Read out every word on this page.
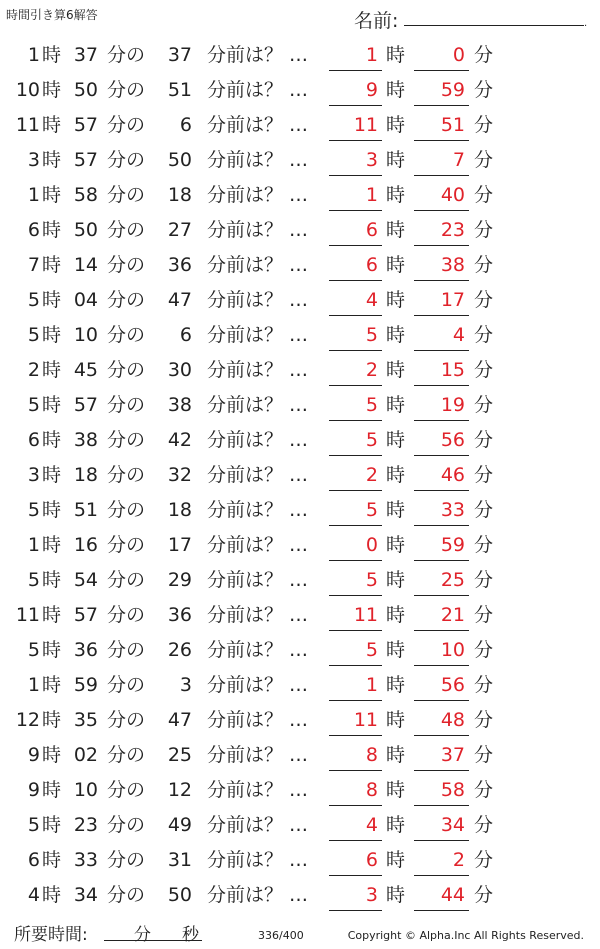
時間引き算6解答	名前:	.
1 時 37 分の 37 分前は？ …	1 時	0 分
10 時 50 分の 51 分前は？ …	9 時 59 分
11 時 57 分の 6 分前は？ … 11 時 51 分
3 時 57 分の 50 分前は？ …	3 時	7 分
1 時 58 分の 18 分前は？ …	1 時 40 分
6 時 50 分の 27 分前は？ …	6 時 23 分
7 時 14 分の 36 分前は？ …	6 時 38 分
5 時 04 分の 47 分前は？ …	4 時 17 分
5 時 10 分の 6 分前は？ …	5 時	4 分
2 時 45 分の 30 分前は？ …	2 時 15 分
5 時 57 分の 38 分前は？ …	5 時 19 分
6 時 38 分の 42 分前は？ …	5 時 56 分
3 時 18 分の 32 分前は？ …	2 時 46 分
5 時 51 分の 18 分前は？ …	5 時 33 分
1 時 16 分の 17 分前は？ …	0 時 59 分
5 時 54 分の 29 分前は？ …	5 時 25 分
11 時 57 分の 36 分前は？ … 11 時 21 分
5 時 36 分の 26 分前は？ …	5 時 10 分
1 時 59 分の 3 分前は？ …	1 時 56 分
12 時 35 分の 47 分前は？ … 11 時 48 分
9 時 02 分の 25 分前は？ …	8 時 37 分
9 時 10 分の 12 分前は？ …	8 時 58 分
5 時 23 分の 49 分前は？ …	4 時 34 分
6 時 33 分の 31 分前は？ …	6 時	2 分
4 時 34 分の 50 分前は？ …	3 時 44 分
所要時間:	分 秒	336/400	Copyright © Alpha.Inc All Rights Reserved.
